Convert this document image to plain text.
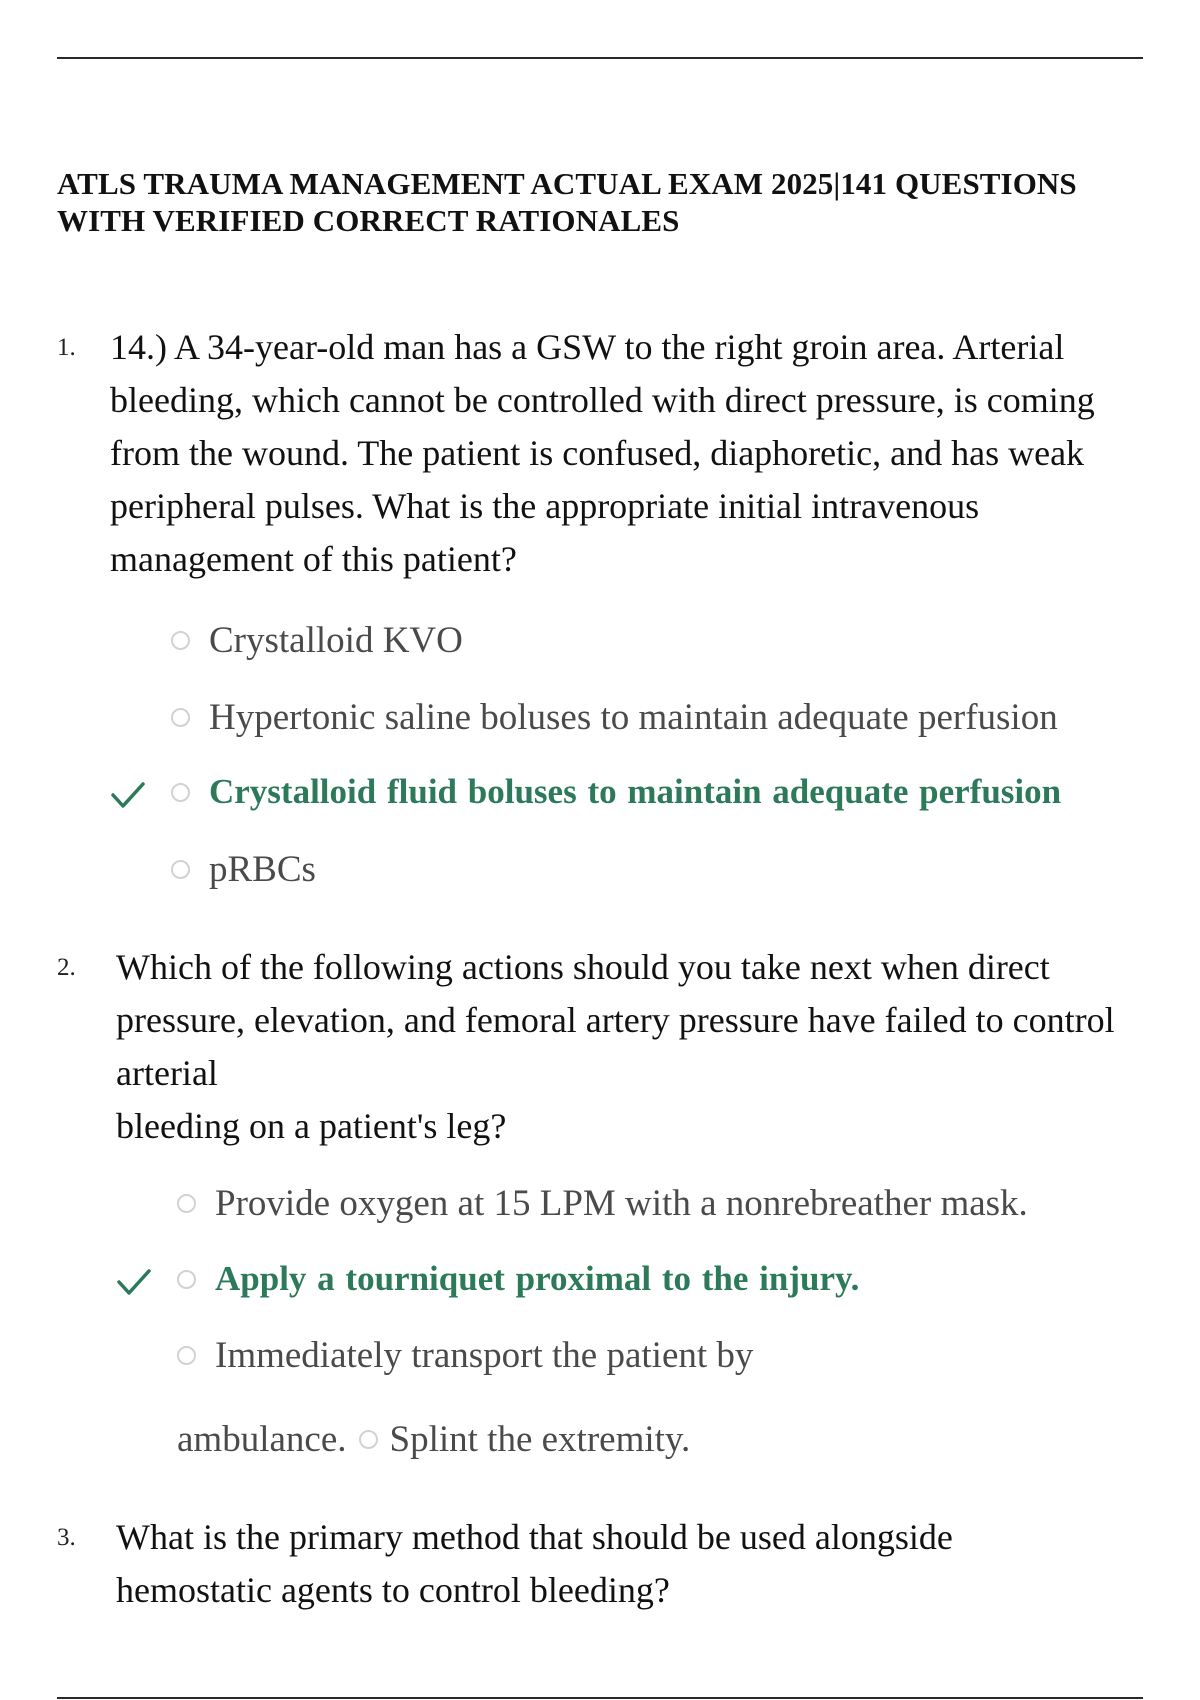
ATLS TRAUMA MANAGEMENT ACTUAL EXAM 2025|141 QUESTIONS
WITH VERIFIED CORRECT RATIONALES
1. 14.) A 34-year-old man has a GSW to the right groin area. Arterial
bleeding, which cannot be controlled with direct pressure, is coming
from the wound. The patient is confused, diaphoretic, and has weak
peripheral pulses. What is the appropriate initial intravenous
management of this patient?

Crystalloid KVO
Hypertonic saline boluses to maintain adequate perfusion
Crystalloid fluid boluses to maintain adequate perfusion
pRBCs
2. Which of the following actions should you take next when direct
pressure, elevation, and femoral artery pressure have failed to control
arterial
bleeding on a patient's leg?

Provide oxygen at 15 LPM with a nonrebreather mask.
Apply a tourniquet proximal to the injury.
Immediately transport the patient by
ambulance. Splint the extremity.
3. What is the primary method that should be used alongside
hemostatic agents to control bleeding?
